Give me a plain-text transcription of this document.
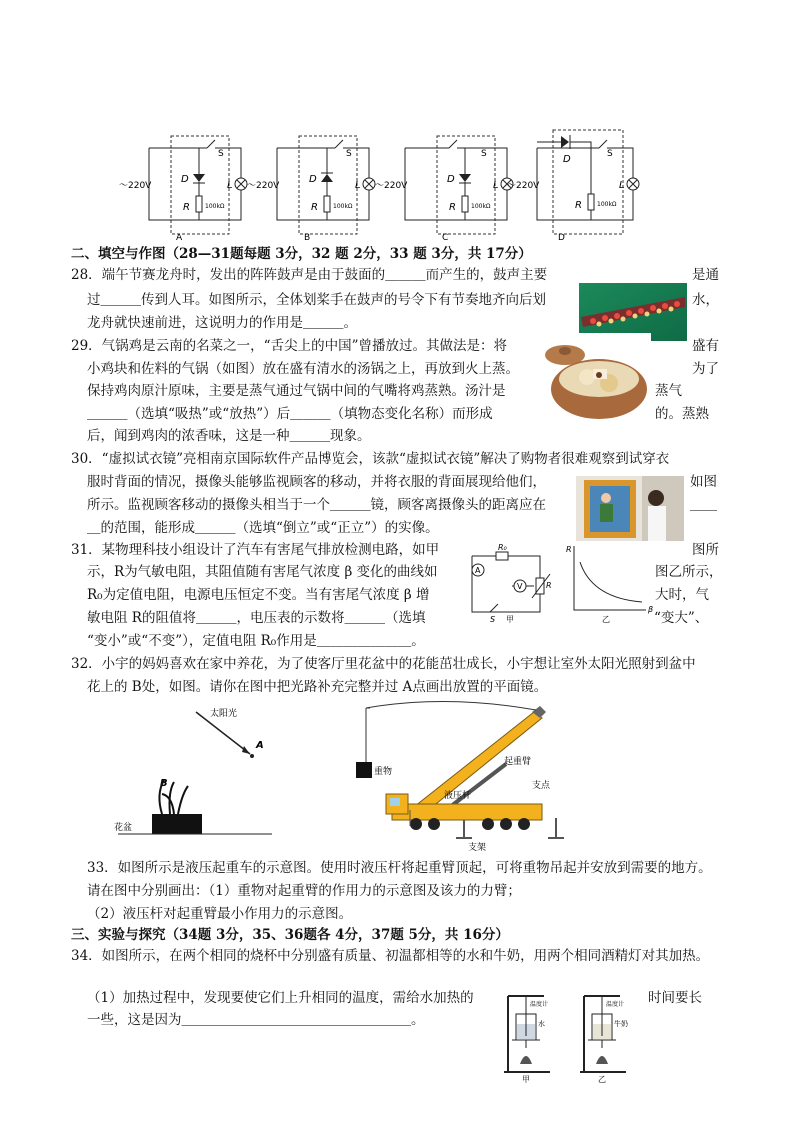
～220V
D
R	100kΩ
S
L
A
～220V
D
R	100kΩ
S
L
B
～220V
D
R	100kΩ
S
L
C
～220V
D
R	100kΩ
S
L
D
二、填空与作图（28—31题每题 3分，32 题 2分，33 题 3分，共 17分）
28．端午节赛龙舟时，发出的阵阵鼓声是由于鼓面的＿＿＿而产生的，鼓声主要	是通
过＿＿＿传到人耳。如图所示，全体划桨手在鼓声的号令下有节奏地齐向后划	水，
龙舟就快速前进，这说明力的作用是＿＿＿。
29．气锅鸡是云南的名菜之一，“舌尖上的中国”曾播放过。其做法是：将	盛有
小鸡块和佐料的气锅（如图）放在盛有清水的汤锅之上，再放到火上蒸。	为了
保持鸡肉原汁原味，主要是蒸气通过气锅中间的气嘴将鸡蒸熟。汤汁是	蒸气
＿＿＿（选填“吸热”或“放热”）后＿＿＿（填物态变化名称）而形成	的。蒸熟
后，闻到鸡肉的浓香味，这是一种＿＿＿现象。
30．“虚拟试衣镜”亮相南京国际软件产品博览会，该款“虚拟试衣镜”解决了购物者很难观察到试穿衣
服时背面的情况，摄像头能够监视顾客的移动，并将衣服的背面展现给他们，	如图
所示。监视顾客移动的摄像头相当于一个＿＿＿镜，顾客离摄像头的距离应在	＿＿
＿的范围，能形成＿＿＿（选填“倒立”或“正立”）的实像。
31．某物理科技小组设计了汽车有害尾气排放检测电路，如甲	图所
示，R为气敏电阻，其阻值随有害尾气浓度 β 变化的曲线如	图乙所示，
R₀为定值电阻，电源电压恒定不变。当有害尾气浓度 β 增	大时，气
敏电阻 R的阻值将＿＿＿，电压表的示数将＿＿＿（选填	“变大”、
“变小”或“不变”），定值电阻 R₀作用是＿＿＿＿＿＿＿。
A
V
R₀
R
S 甲
R
β
乙
32．小宇的妈妈喜欢在家中养花，为了使客厅里花盆中的花能茁壮成长，小宇想让室外太阳光照射到盆中
花上的 B处，如图。请你在图中把光路补充完整并过 A点画出放置的平面镜。
太阳光
A
B
花盆
起重臂
支点
重物
液压杆
支架
33．如图所示是液压起重车的示意图。使用时液压杆将起重臂顶起，可将重物吊起并安放到需要的地方。
请在图中分别画出：（1）重物对起重臂的作用力的示意图及该力的力臂；
（2）液压杆对起重臂最小作用力的示意图。
三、实验与探究（34题 3分，35、36题各 4分，37题 5分，共 16分）
34．如图所示，在两个相同的烧杯中分别盛有质量、初温都相等的水和牛奶，用两个相同酒精灯对其加热。
（1）加热过程中，发现要使它们上升相同的温度，需给水加热的	时间要长
一些，这是因为＿＿＿＿＿＿＿＿＿＿＿＿＿＿＿＿＿。
温度计
水
甲
温度计
牛奶
乙
